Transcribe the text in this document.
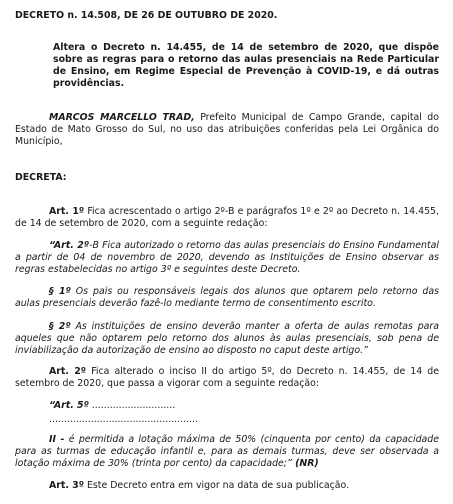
DECRETO n. 14.508, DE 26 DE OUTUBRO DE 2020.

Altera o Decreto n. 14.455, de 14 de setembro de 2020, que dispõe sobre as regras para o retorno das aulas presenciais na Rede Particular de Ensino, em Regime Especial de Prevenção à COVID-19, e dá outras providências.

MARCOS MARCELLO TRAD, Prefeito Municipal de Campo Grande, capital do Estado de Mato Grosso do Sul, no uso das atribuições conferidas pela Lei Orgânica do Município,

DECRETA:

Art. 1º Fica acrescentado o artigo 2º-B e parágrafos 1º e 2º ao Decreto n. 14.455, de 14 de setembro de 2020, com a seguinte redação:

“Art. 2º-B Fica autorizado o retorno das aulas presenciais do Ensino Fundamental a partir de 04 de novembro de 2020, devendo as Instituições de Ensino observar as regras estabelecidas no artigo 3º e seguintes deste Decreto.

§ 1º Os pais ou responsáveis legais dos alunos que optarem pelo retorno das aulas presenciais deverão fazê-lo mediante termo de consentimento escrito.

§ 2º As instituições de ensino deverão manter a oferta de aulas remotas para aqueles que não optarem pelo retorno dos alunos às aulas presenciais, sob pena de inviabilização da autorização de ensino ao disposto no caput deste artigo.”

Art. 2º Fica alterado o inciso II do artigo 5º, do Decreto n. 14.455, de 14 de setembro de 2020, que passa a vigorar com a seguinte redação:

“Art. 5º ............................

..................................................

II - é permitida a lotação máxima de 50% (cinquenta por cento) da capacidade para as turmas de educação infantil e, para as demais turmas, deve ser observada a lotação máxima de 30% (trinta por cento) da capacidade;” (NR)

Art. 3º Este Decreto entra em vigor na data de sua publicação.
